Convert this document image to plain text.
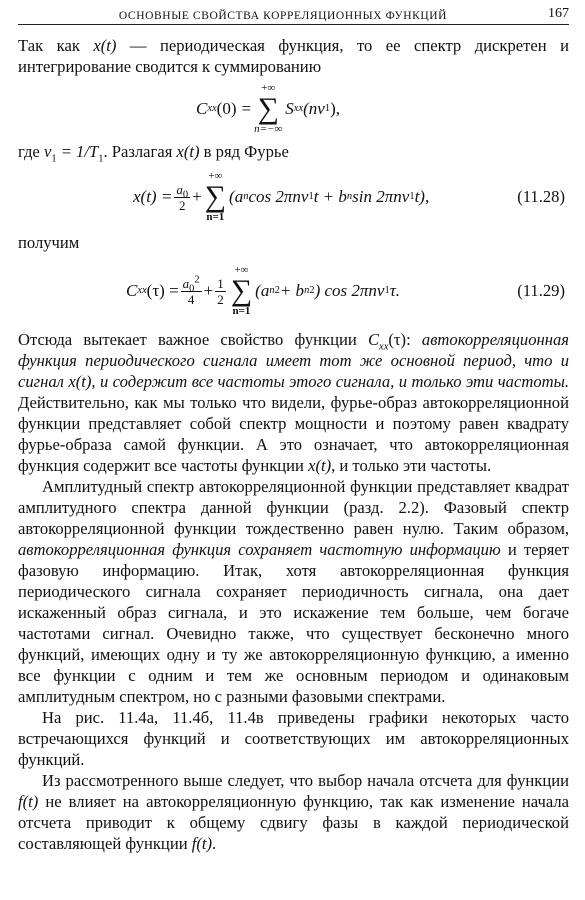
ОСНОВНЫЕ СВОЙСТВА КОРРЕЛЯЦИОННЫХ ФУНКЦИЙ	167

Так как x(t) — периодическая функция, то ее спектр дискретен и интегрирование сводится к суммированию

C xx (0) =
+∞
∑
n=−∞
S xx (nν 1 ),

где $\nu_1 = 1/T_1$. Разлагая x(t) в ряд Фурье

$x(t) = \frac{a_0}{2}$ +
+∞
∑
n=1
(a n cos 2πnν 1 t + b n sin 2πnν 1 t),	(11.28)

получим

C xx $(\tau) = \frac{a_0^2}{4} + \frac{1}{2}$
+∞
∑
n=1
(a n 2 + b n 2 ) cos 2πnν 1 τ.	(11.29)

Отсюда вытекает важное свойство функции $C_{xx}(\tau)$: автокорреляционная функция периодического сигнала имеет тот же основной период, что и сигнал x(t), и содержит все частоты этого сигнала, и только эти частоты. Действительно, как мы только что видели, фурье-образ автокорреляционной функции представляет собой спектр мощности и поэтому равен квадрату фурье-образа самой функции. А это означает, что автокорреляционная функция содержит все частоты функции x(t), и только эти частоты.

Амплитудный спектр автокорреляционной функции представляет квадрат амплитудного спектра данной функции (разд. 2.2). Фазовый спектр автокорреляционной функции тождественно равен нулю. Таким образом, автокорреляционная функция сохраняет частотную информацию и теряет фазовую информацию. Итак, хотя автокорреляционная функция периодического сигнала сохраняет периодичность сигнала, она дает искаженный образ сигнала, и это искажение тем больше, чем богаче частотами сигнал. Очевидно также, что существует бесконечно много функций, имеющих одну и ту же автокорреляционную функцию, а именно все функции с одним и тем же основным периодом и одинаковым амплитудным спектром, но с разными фазовыми спектрами.

На рис. 11.4а, 11.4б, 11.4в приведены графики некоторых часто встречающихся функций и соответствующих им автокорреляционных функций.

Из рассмотренного выше следует, что выбор начала отсчета для функции f(t) не влияет на автокорреляционную функцию, так как изменение начала отсчета приводит к общему сдвигу фазы в каждой периодической составляющей функции f(t).
